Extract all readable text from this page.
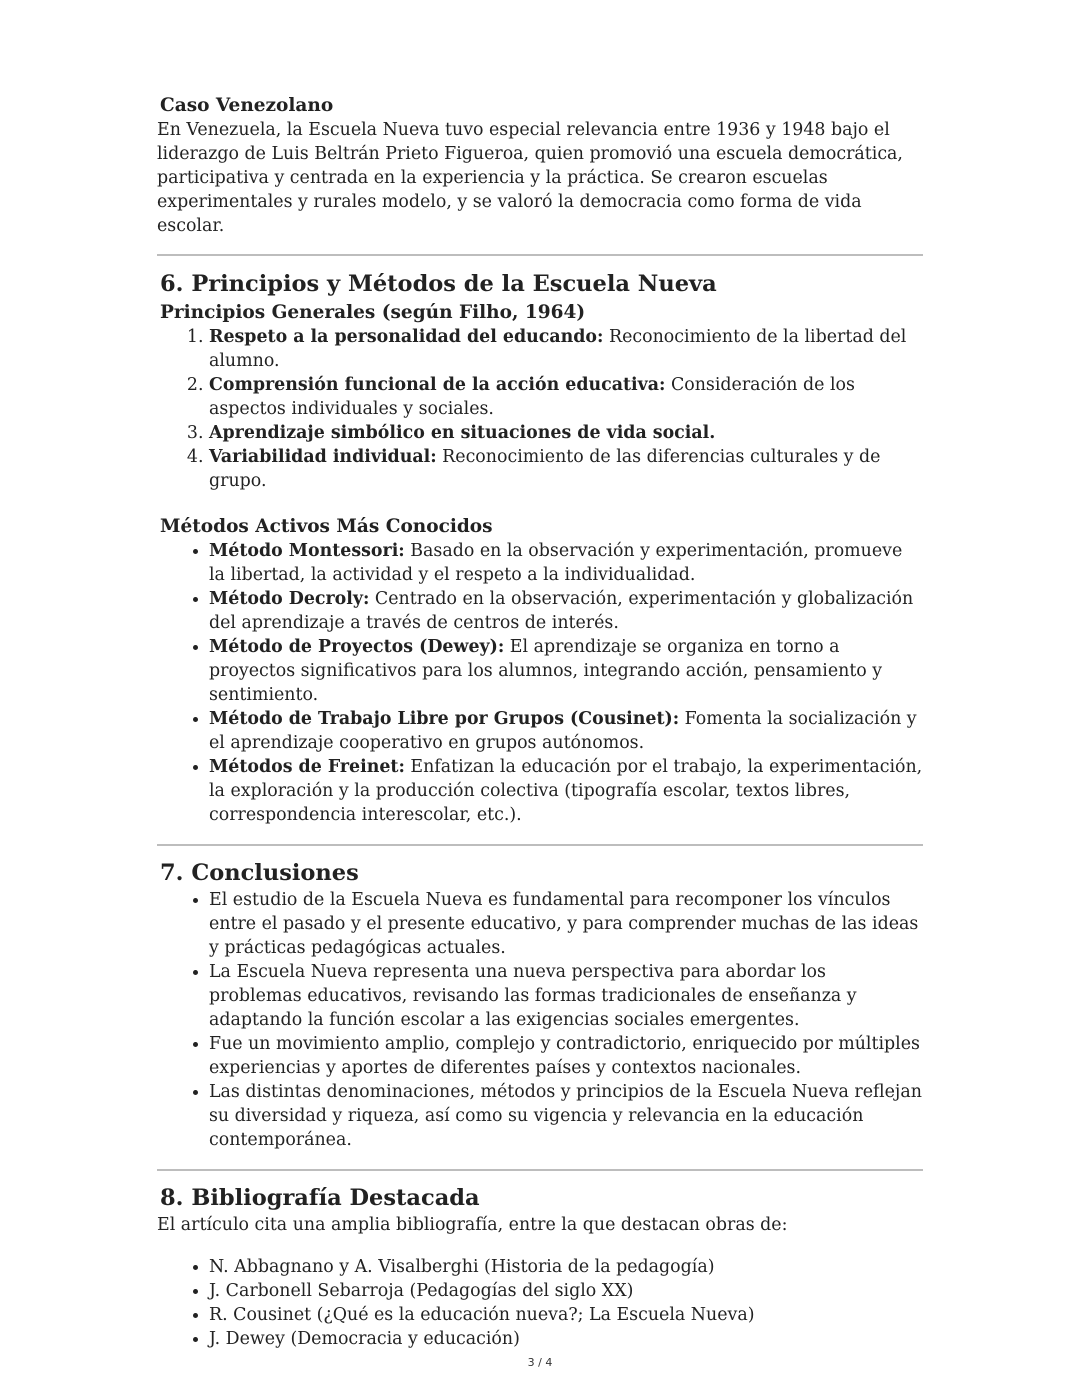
Caso Venezolano

En Venezuela, la Escuela Nueva tuvo especial relevancia entre 1936 y 1948 bajo el liderazgo de Luis Beltrán Prieto Figueroa, quien promovió una escuela democrática, participativa y centrada en la experiencia y la práctica. Se crearon escuelas experimentales y rurales modelo, y se valoró la democracia como forma de vida escolar.

6. Principios y Métodos de la Escuela Nueva
Principios Generales (según Filho, 1964)
1. Respeto a la personalidad del educando: Reconocimiento de la libertad del alumno.
2. Comprensión funcional de la acción educativa: Consideración de los aspectos individuales y sociales.
3. Aprendizaje simbólico en situaciones de vida social.
4. Variabilidad individual: Reconocimiento de las diferencias culturales y de grupo.
Métodos Activos Más Conocidos
• Método Montessori: Basado en la observación y experimentación, promueve la libertad, la actividad y el respeto a la individualidad.
• Método Decroly: Centrado en la observación, experimentación y globalización del aprendizaje a través de centros de interés.
• Método de Proyectos (Dewey): El aprendizaje se organiza en torno a proyectos significativos para los alumnos, integrando acción, pensamiento y sentimiento.
• Método de Trabajo Libre por Grupos (Cousinet): Fomenta la socialización y el aprendizaje cooperativo en grupos autónomos.
• Métodos de Freinet: Enfatizan la educación por el trabajo, la experimentación, la exploración y la producción colectiva (tipografía escolar, textos libres, correspondencia interescolar, etc.).
7. Conclusiones
• El estudio de la Escuela Nueva es fundamental para recomponer los vínculos entre el pasado y el presente educativo, y para comprender muchas de las ideas y prácticas pedagógicas actuales.
• La Escuela Nueva representa una nueva perspectiva para abordar los problemas educativos, revisando las formas tradicionales de enseñanza y adaptando la función escolar a las exigencias sociales emergentes.
• Fue un movimiento amplio, complejo y contradictorio, enriquecido por múltiples experiencias y aportes de diferentes países y contextos nacionales.
• Las distintas denominaciones, métodos y principios de la Escuela Nueva reflejan su diversidad y riqueza, así como su vigencia y relevancia en la educación contemporánea.
8. Bibliografía Destacada

El artículo cita una amplia bibliografía, entre la que destacan obras de:

• N. Abbagnano y A. Visalberghi (Historia de la pedagogía)
• J. Carbonell Sebarroja (Pedagogías del siglo XX)
• R. Cousinet (¿Qué es la educación nueva?; La Escuela Nueva)
• J. Dewey (Democracia y educación)
3 / 4
